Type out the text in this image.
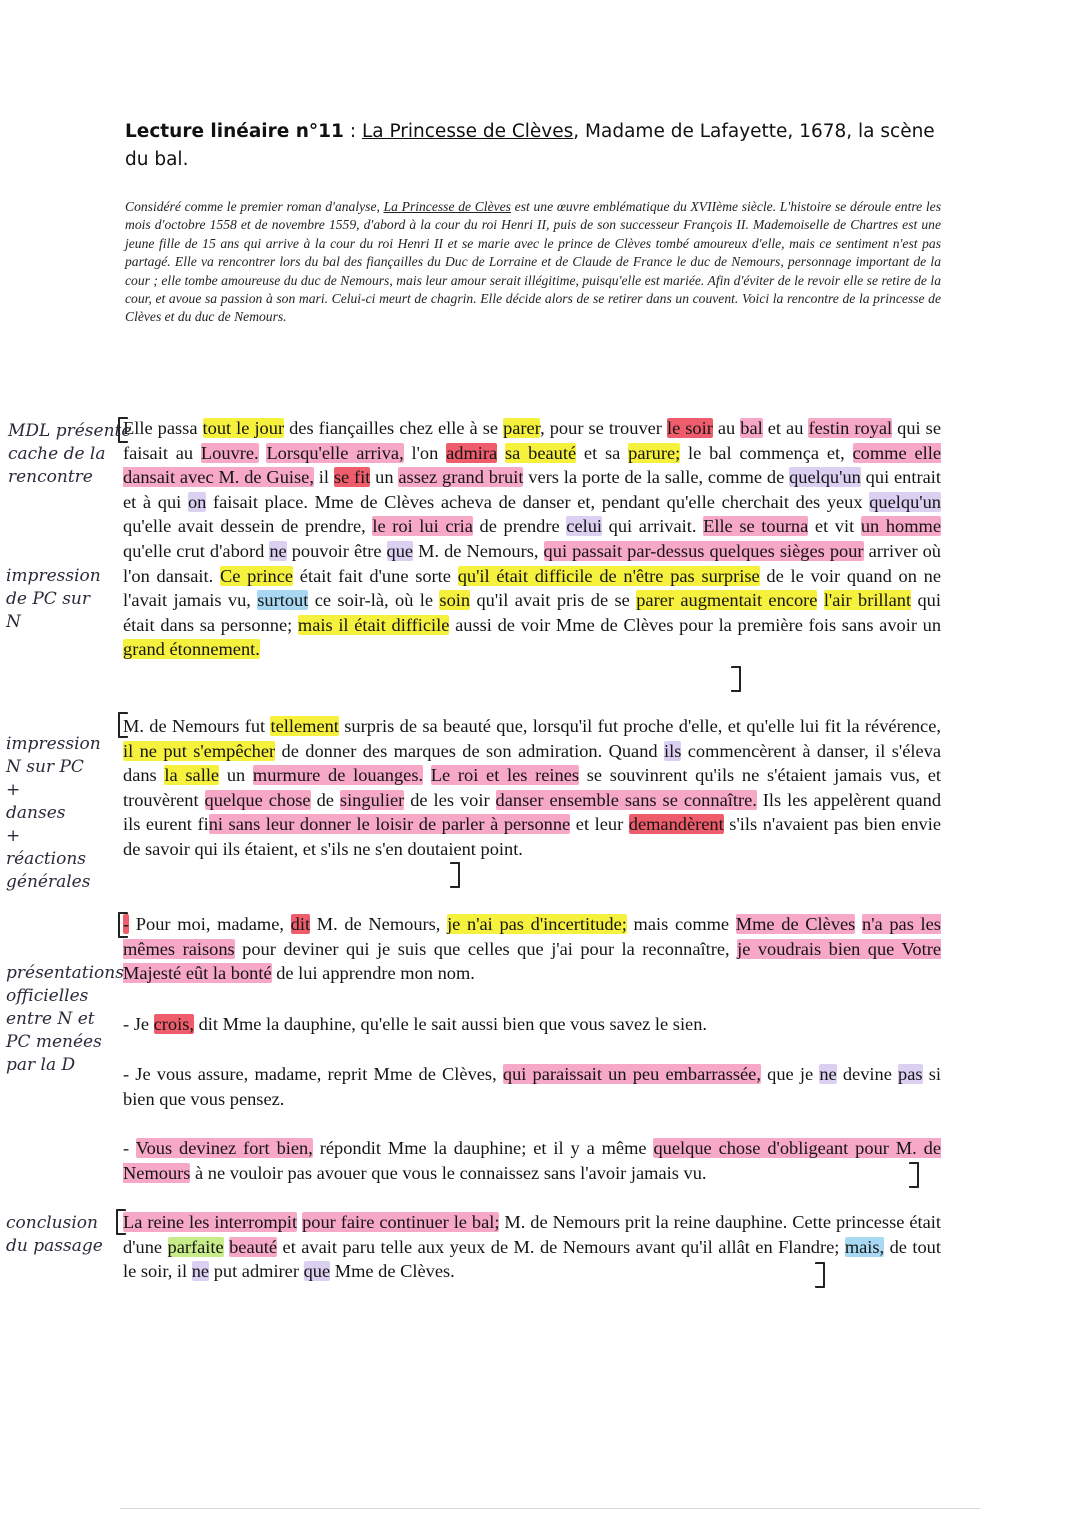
Lecture linéaire n°11 : La Princesse de Clèves, Madame de Lafayette, 1678, la scène du bal.
Considéré comme le premier roman d'analyse, La Princesse de Clèves est une œuvre emblématique du XVIIème siècle. L'histoire se déroule entre les mois d'octobre 1558 et de novembre 1559, d'abord à la cour du roi Henri II, puis de son successeur François II. Mademoiselle de Chartres est une jeune fille de 15 ans qui arrive à la cour du roi Henri II et se marie avec le prince de Clèves tombé amoureux d'elle, mais ce sentiment n'est pas partagé. Elle va rencontrer lors du bal des fiançailles du Duc de Lorraine et de Claude de France le duc de Nemours, personnage important de la cour ; elle tombe amoureuse du duc de Nemours, mais leur amour serait illégitime, puisqu'elle est mariée. Afin d'éviter de le revoir elle se retire de la cour, et avoue sa passion à son mari. Celui-ci meurt de chagrin. Elle décide alors de se retirer dans un couvent. Voici la rencontre de la princesse de Clèves et du duc de Nemours.
Elle passa tout le jour des fiançailles chez elle à se parer, pour se trouver le soir au bal et au festin royal qui se faisait au Louvre. Lorsqu'elle arriva, l'on admira sa beauté et sa parure; le bal commença et, comme elle dansait avec M. de Guise, il se fit un assez grand bruit vers la porte de la salle, comme de quelqu'un qui entrait et à qui on faisait place. Mme de Clèves acheva de danser et, pendant qu'elle cherchait des yeux quelqu'un qu'elle avait dessein de prendre, le roi lui cria de prendre celui qui arrivait. Elle se tourna et vit un homme qu'elle crut d'abord ne pouvoir être que M. de Nemours, qui passait par-dessus quelques sièges pour arriver où l'on dansait. Ce prince était fait d'une sorte qu'il était difficile de n'être pas surprise de le voir quand on ne l'avait jamais vu, surtout ce soir-là, où le soin qu'il avait pris de se parer augmentait encore l'air brillant qui était dans sa personne; mais il était difficile aussi de voir Mme de Clèves pour la première fois sans avoir un grand étonnement.
M. de Nemours fut tellement surpris de sa beauté que, lorsqu'il fut proche d'elle, et qu'elle lui fit la révérence, il ne put s'empêcher de donner des marques de son admiration. Quand ils commencèrent à danser, il s'éleva dans la salle un murmure de louanges. Le roi et les reines se souvinrent qu'ils ne s'étaient jamais vus, et trouvèrent quelque chose de singulier de les voir danser ensemble sans se connaître. Ils les appelèrent quand ils eurent fini sans leur donner le loisir de parler à personne et leur demandèrent s'ils n'avaient pas bien envie de savoir qui ils étaient, et s'ils ne s'en doutaient point.
- Pour moi, madame, dit M. de Nemours, je n'ai pas d'incertitude; mais comme Mme de Clèves n'a pas les mêmes raisons pour deviner qui je suis que celles que j'ai pour la reconnaître, je voudrais bien que Votre Majesté eût la bonté de lui apprendre mon nom.
- Je crois, dit Mme la dauphine, qu'elle le sait aussi bien que vous savez le sien.
- Je vous assure, madame, reprit Mme de Clèves, qui paraissait un peu embarrassée, que je ne devine pas si bien que vous pensez.
- Vous devinez fort bien, répondit Mme la dauphine; et il y a même quelque chose d'obligeant pour M. de Nemours à ne vouloir pas avouer que vous le connaissez sans l'avoir jamais vu.
La reine les interrompit pour faire continuer le bal; M. de Nemours prit la reine dauphine. Cette princesse était d'une parfaite beauté et avait paru telle aux yeux de M. de Nemours avant qu'il allât en Flandre; mais, de tout le soir, il ne put admirer que Mme de Clèves.
MDL présente
cache de la
rencontre
impression
de PC sur
N
impression
N sur PC
+
danses
+
réactions
générales
présentations
officielles
entre N et
PC menées
par la D
conclusion
du passage
